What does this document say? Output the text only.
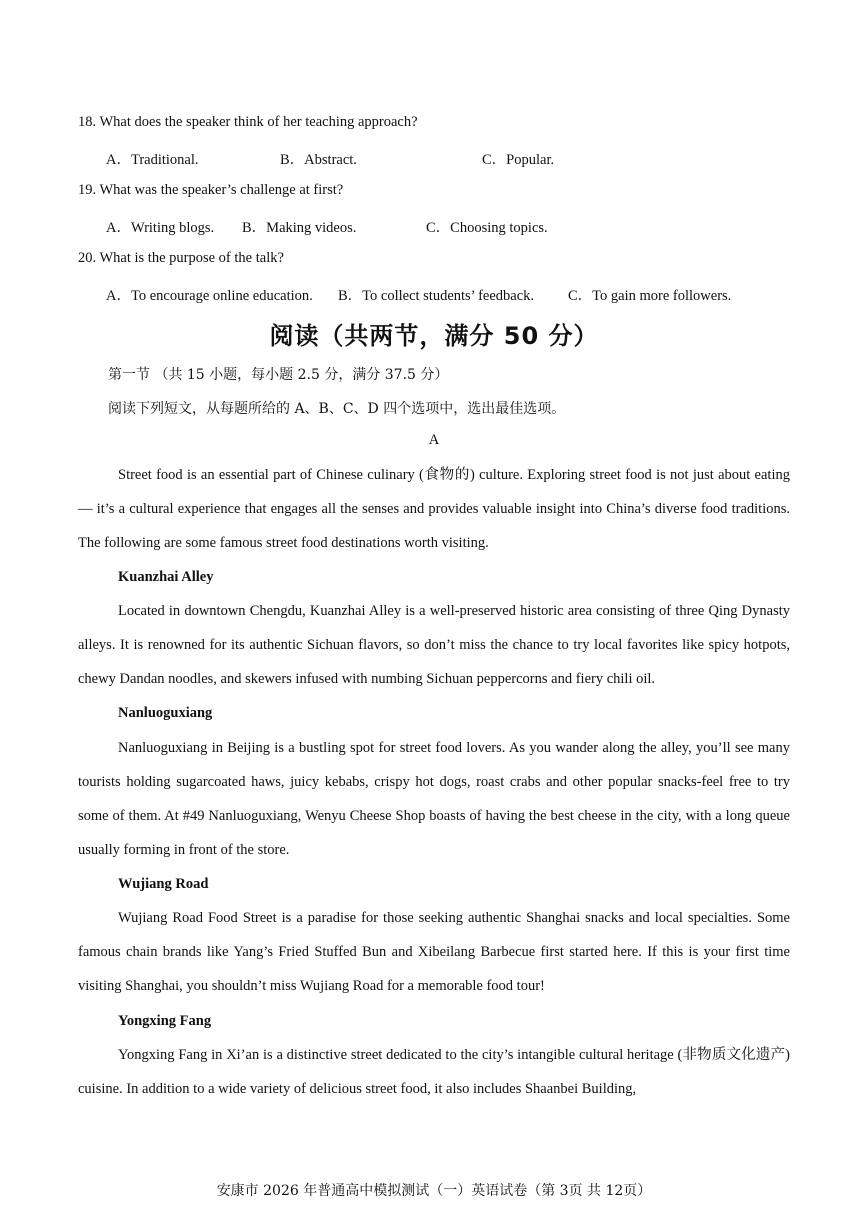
18. What does the speaker think of her teaching approach?
A．Traditional.	B．Abstract.	C．Popular.
19. What was the speaker’s challenge at first?
A．Writing blogs. B．Making videos.	C．Choosing topics.
20. What is the purpose of the talk?
A．To encourage online education. B．To collect students’ feedback. C．To gain more followers.
阅读（共两节，满分 50 分）
第一节 （共 15 小题，每小题 2.5 分，满分 37.5 分）
阅读下列短文，从每题所给的 A、B、C、D 四个选项中，选出最佳选项。
A

Street food is an essential part of Chinese culinary (食物的) culture. Exploring street food is not just about eating — it’s a cultural experience that engages all the senses and provides valuable insight into China’s diverse food traditions. The following are some famous street food destinations worth visiting.

Kuanzhai Alley

Located in downtown Chengdu, Kuanzhai Alley is a well-preserved historic area consisting of three Qing Dynasty alleys. It is renowned for its authentic Sichuan flavors, so don’t miss the chance to try local favorites like spicy hotpots, chewy Dandan noodles, and skewers infused with numbing Sichuan peppercorns and fiery chili oil.

Nanluoguxiang

Nanluoguxiang in Beijing is a bustling spot for street food lovers. As you wander along the alley, you’ll see many tourists holding sugarcoated haws, juicy kebabs, crispy hot dogs, roast crabs and other popular snacks-feel free to try some of them. At #49 Nanluoguxiang, Wenyu Cheese Shop boasts of having the best cheese in the city, with a long queue usually forming in front of the store.

Wujiang Road

Wujiang Road Food Street is a paradise for those seeking authentic Shanghai snacks and local specialties. Some famous chain brands like Yang’s Fried Stuffed Bun and Xibeilang Barbecue first started here. If this is your first time visiting Shanghai, you shouldn’t miss Wujiang Road for a memorable food tour!

Yongxing Fang

Yongxing Fang in Xi’an is a distinctive street dedicated to the city’s intangible cultural heritage (非物质文化遗产) cuisine. In addition to a wide variety of delicious street food, it also includes Shaanbei Building,

安康市 2026 年普通高中模拟测试（一）英语试卷（第 3页 共 12页）
